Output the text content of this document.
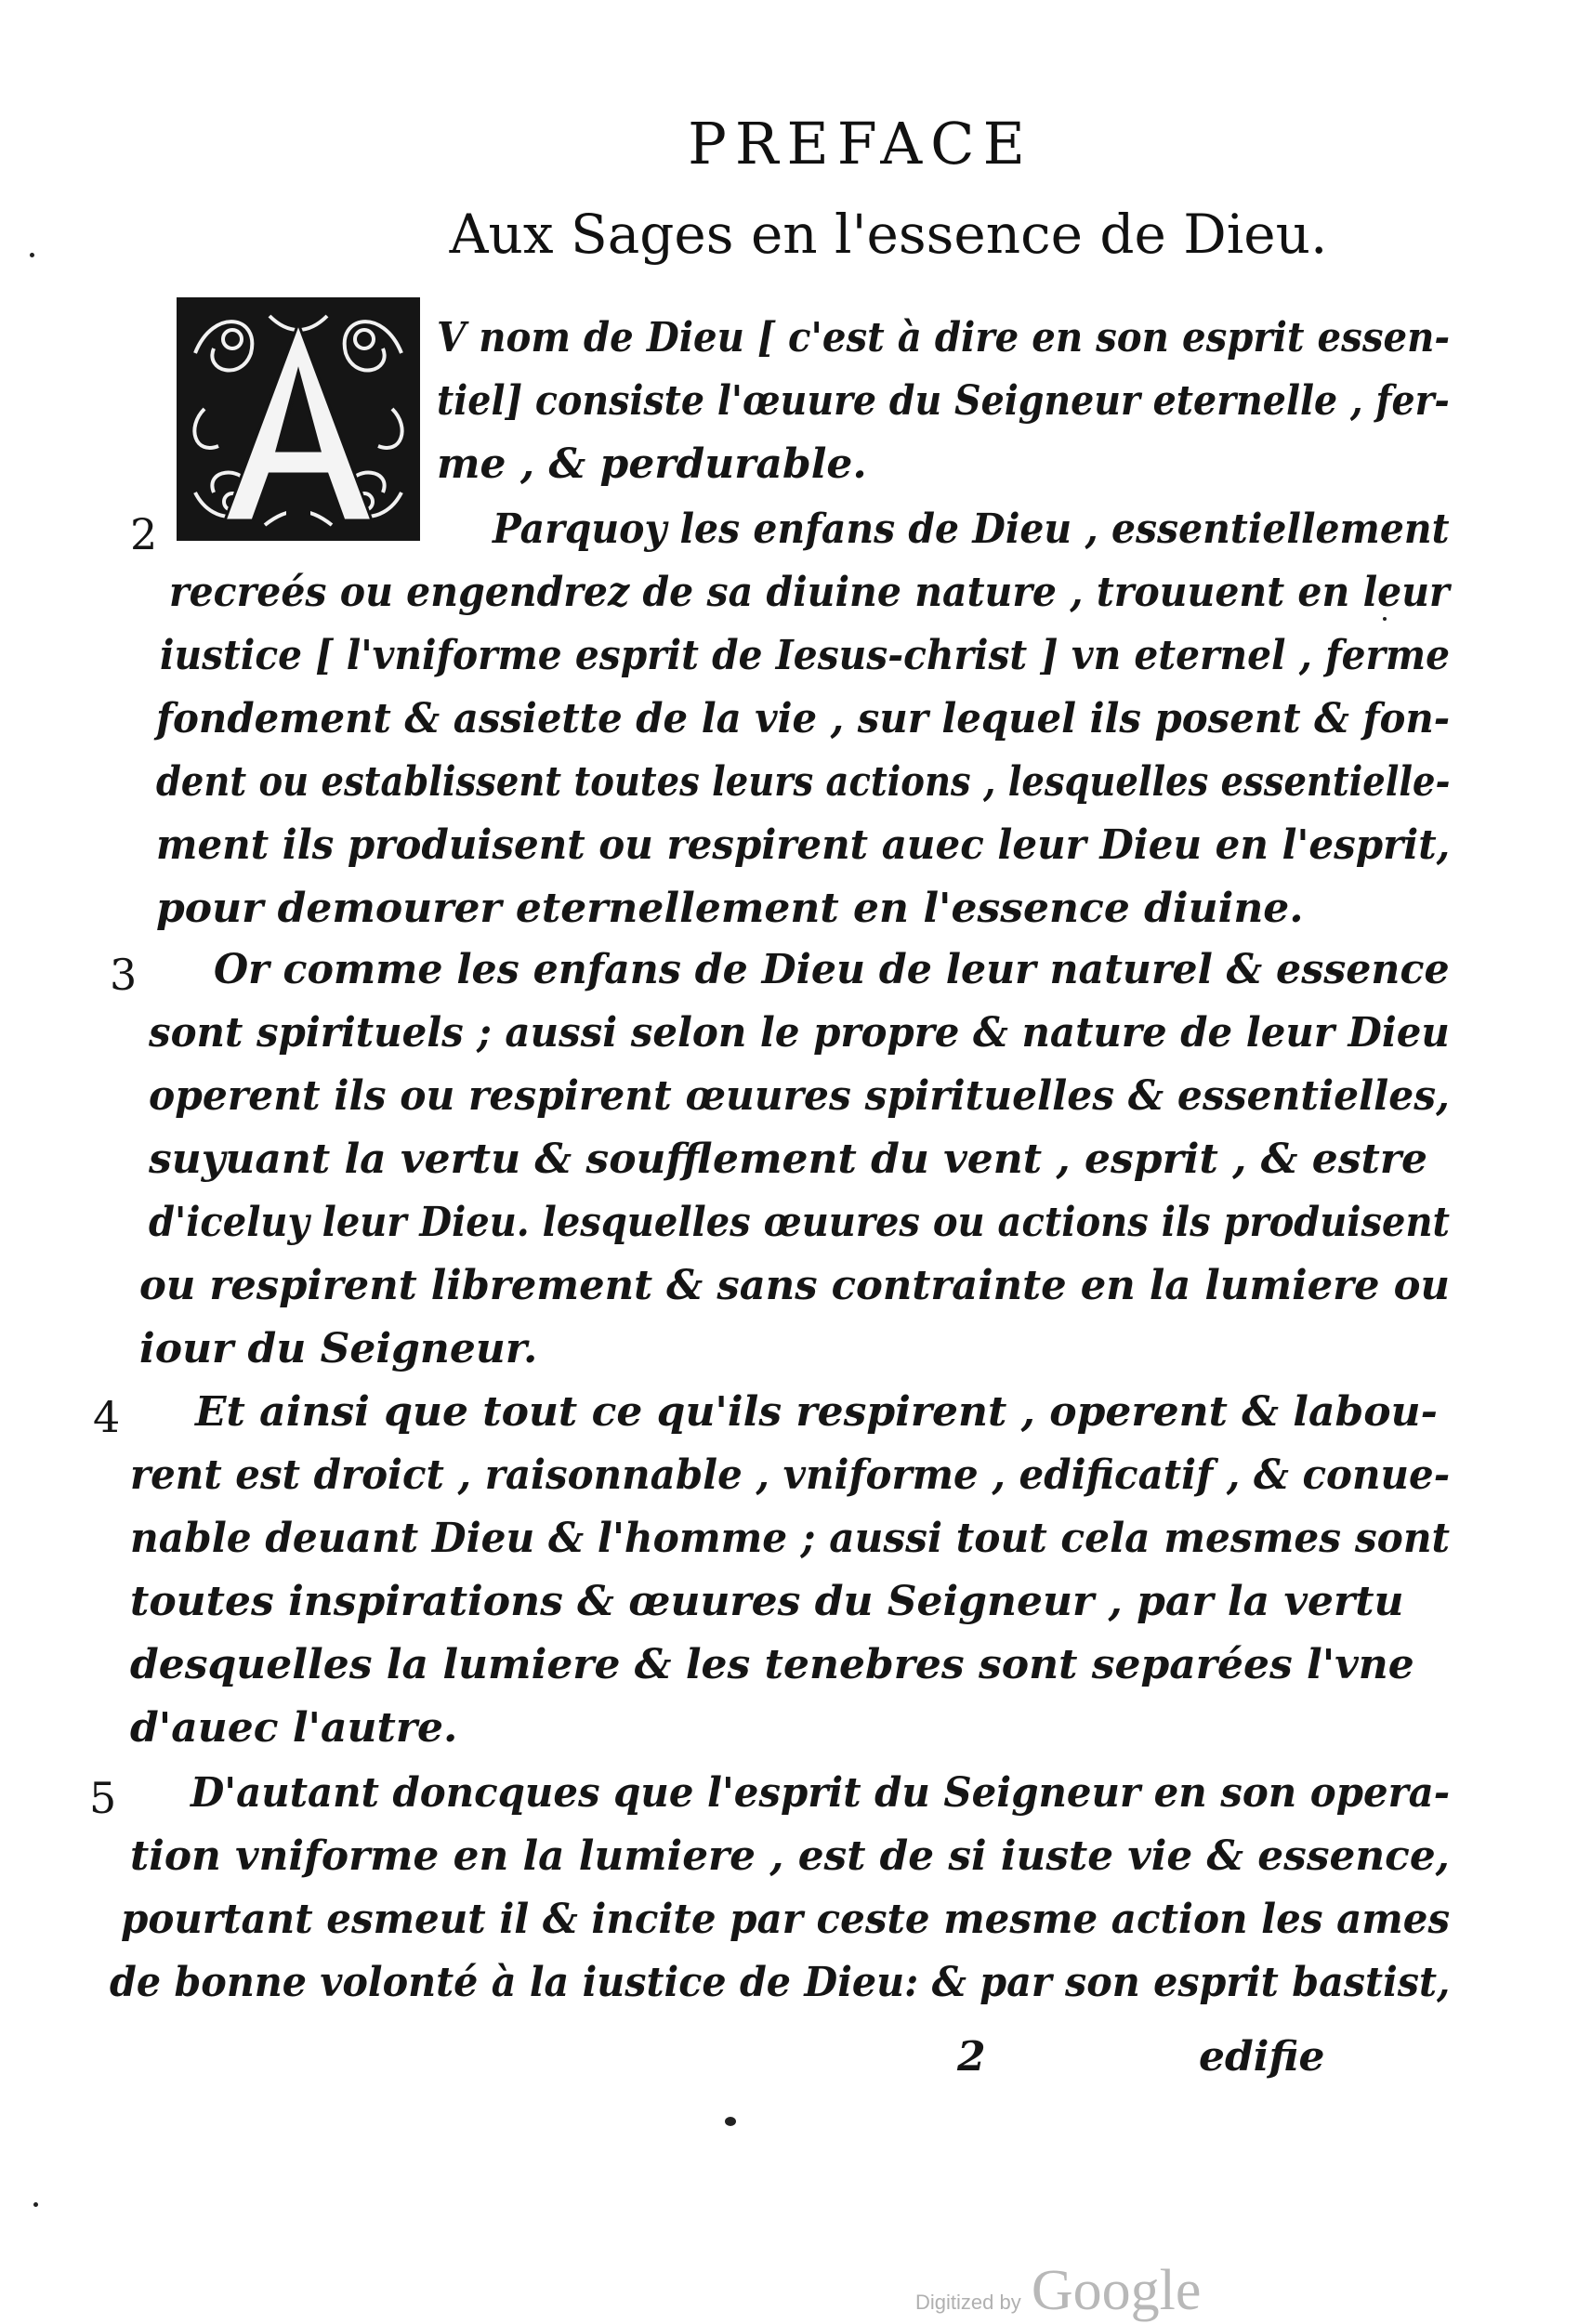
PREFACE
Aux Sages en l'essence de Dieu.
V nom de Dieu [ c'est à dire en son esprit essen-
tiel] consiste l'œuure du Seigneur eternelle , fer-
me , & perdurable.
2	Parquoy les enfans de Dieu , essentiellement
recreés ou engendrez de sa diuine nature , trouuent en leur
iustice [ l'vniforme esprit de Iesus-christ ] vn eternel , ferme
fondement & assiette de la vie , sur lequel ils posent & fon-
dent ou establissent toutes leurs actions , lesquelles essentielle-
ment ils produisent ou respirent auec leur Dieu en l'esprit,
pour demourer eternellement en l'essence diuine.
3 Or comme les enfans de Dieu de leur naturel & essence
sont spirituels ; aussi selon le propre & nature de leur Dieu
operent ils ou respirent œuures spirituelles & essentielles,
suyuant la vertu & soufflement du vent , esprit , & estre
d'iceluy leur Dieu. lesquelles œuures ou actions ils produisent
ou respirent librement & sans contrainte en la lumiere ou
iour du Seigneur.
4 Et ainsi que tout ce qu'ils respirent , operent & labou-
rent est droict , raisonnable , vniforme , edificatif , & conue-
nable deuant Dieu & l'homme ; aussi tout cela mesmes sont
toutes inspirations & œuures du Seigneur , par la vertu
desquelles la lumiere & les tenebres sont separées l'vne
d'auec l'autre.
5 D'autant doncques que l'esprit du Seigneur en son opera-
tion vniforme en la lumiere , est de si iuste vie & essence,
pourtant esmeut il & incite par ceste mesme action les ames
de bonne volonté à la iustice de Dieu: & par son esprit bastist,
2	edifie
Digitized by Google
